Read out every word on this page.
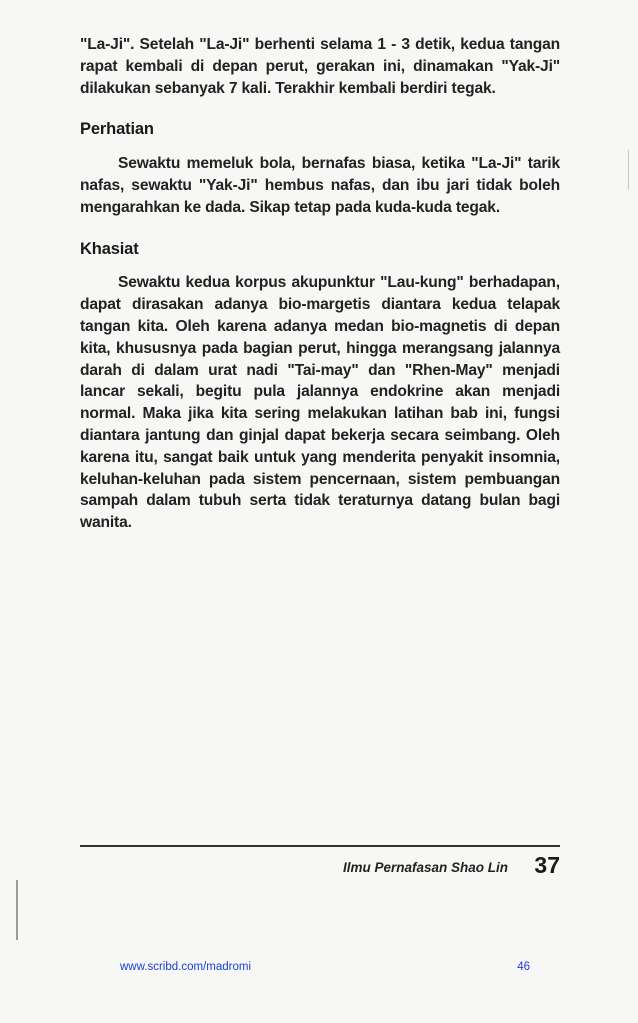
"La-Ji". Setelah "La-Ji" berhenti selama 1 - 3 detik, kedua tangan rapat kembali di depan perut, gerakan ini, dinamakan "Yak-Ji" dilakukan sebanyak 7 kali. Terakhir kembali berdiri tegak.

Perhatian

Sewaktu memeluk bola, bernafas biasa, ketika "La-Ji" tarik nafas, sewaktu "Yak-Ji" hembus nafas, dan ibu jari tidak boleh mengarahkan ke dada. Sikap tetap pada kuda-kuda tegak.

Khasiat

Sewaktu kedua korpus akupunktur "Lau-kung" berhadapan, dapat dirasakan adanya bio-margetis diantara kedua telapak tangan kita. Oleh karena adanya medan bio-magnetis di depan kita, khususnya pada bagian perut, hingga merangsang jalannya darah di dalam urat nadi "Tai-may" dan "Rhen-May" menjadi lancar sekali, begitu pula jalannya endokrine akan menjadi normal. Maka jika kita sering melakukan latihan bab ini, fungsi diantara jantung dan ginjal dapat bekerja secara seimbang. Oleh karena itu, sangat baik untuk yang menderita penyakit insomnia, keluhan-keluhan pada sistem pencernaan, sistem pembuangan sampah dalam tubuh serta tidak teraturnya datang bulan bagi wanita.

Ilmu Pernafasan Shao Lin	37
www.scribd.com/madromi	46
